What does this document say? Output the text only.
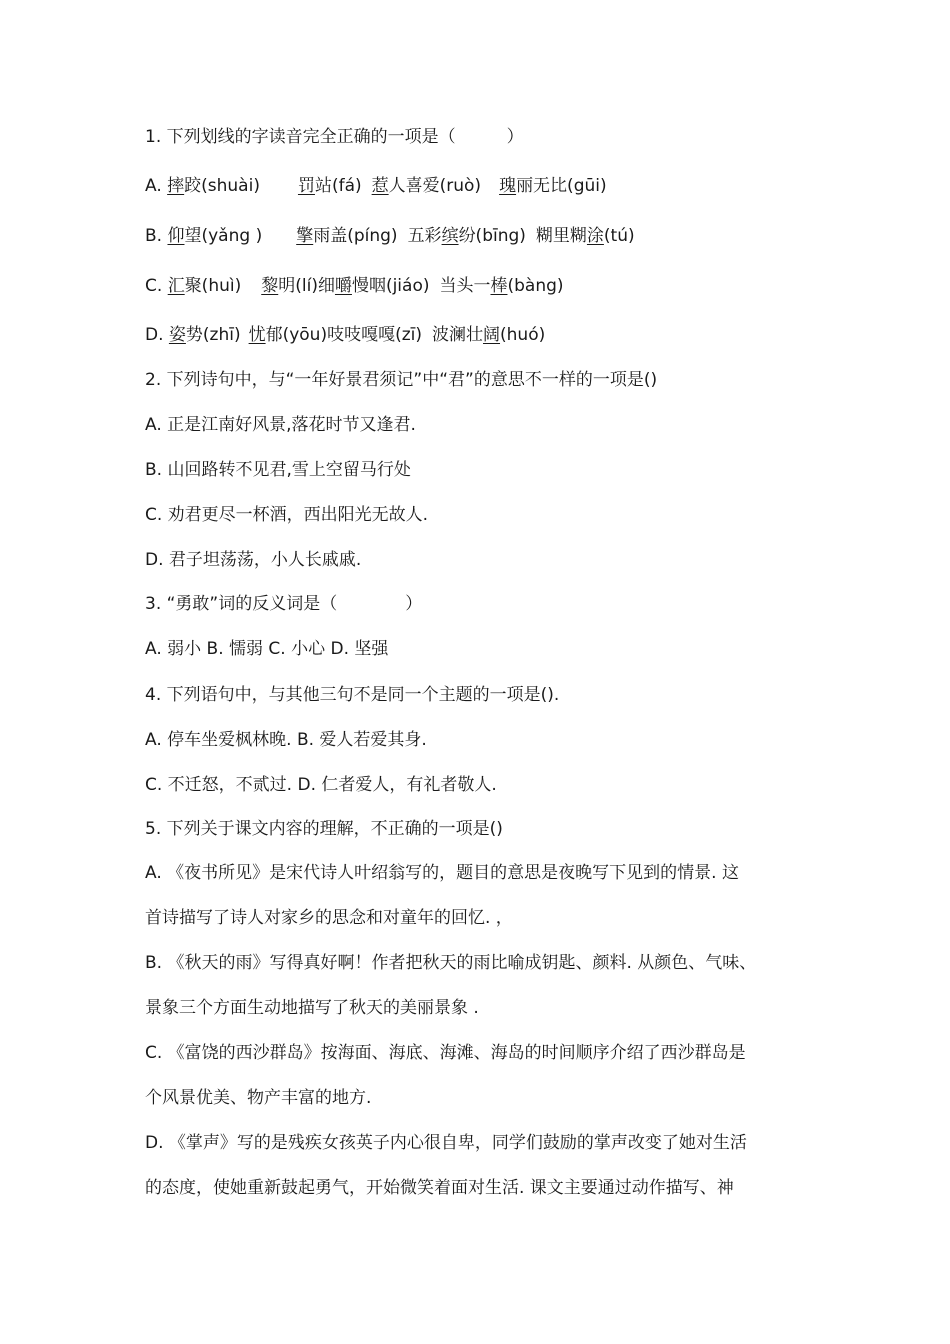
1. 下列划线的字读音完全正确的一项是（　　　）
A. 摔跤(shuài) 罚站(fá) 惹人喜爱(ruò) 瑰丽无比(gūi)
B. 仰望(yǎng ) 擎雨盖(píng) 五彩缤纷(bīng) 糊里糊涂(tú)
C. 汇聚(huì) 黎明(lí)细嚼慢咽(jiáo) 当头一棒(bàng)
D. 姿势(zhī) 忧郁(yōu)吱吱嘎嘎(zī) 波澜壮阔(huó)
2. 下列诗句中，与“一年好景君须记”中“君”的意思不一样的一项是()
A. 正是江南好风景,落花时节又逢君.
B. 山回路转不见君,雪上空留马行处
C. 劝君更尽一杯酒，西出阳光无故人.
D. 君子坦荡荡，小人长戚戚.
3. “勇敢”词的反义词是（　　　　）
A. 弱小 B. 懦弱 C. 小心 D. 坚强
4. 下列语句中，与其他三句不是同一个主题的一项是().
A. 停车坐爱枫林晚. B. 爱人若爱其身.
C. 不迁怒，不贰过. D. 仁者爱人，有礼者敬人.
5. 下列关于课文内容的理解，不正确的一项是()
A. 《夜书所见》是宋代诗人叶绍翁写的，题目的意思是夜晚写下见到的情景. 这
首诗描写了诗人对家乡的思念和对童年的回忆. ，
B. 《秋天的雨》写得真好啊！作者把秋天的雨比喻成钥匙、颜料. 从颜色、气味、
景象三个方面生动地描写了秋天的美丽景象 .
C. 《富饶的西沙群岛》按海面、海底、海滩、海岛的时间顺序介绍了西沙群岛是
个风景优美、物产丰富的地方.
D. 《掌声》写的是残疾女孩英子内心很自卑，同学们鼓励的掌声改变了她对生活
的态度，使她重新鼓起勇气，开始微笑着面对生活. 课文主要通过动作描写、神
